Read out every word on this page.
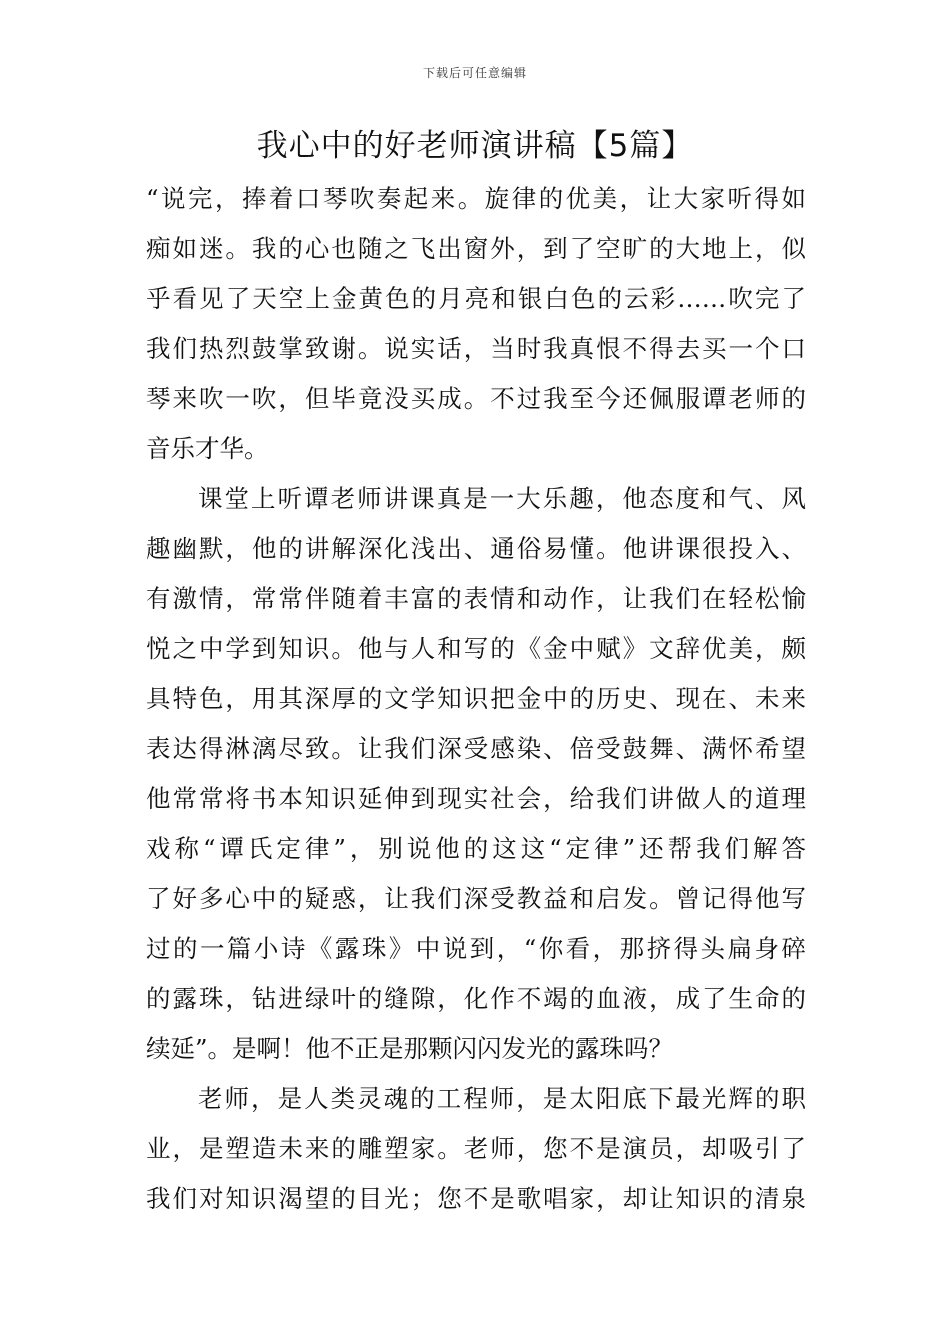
下载后可任意编辑
我心中的好老师演讲稿【5篇】
“说完，捧着口琴吹奏起来。旋律的优美，让大家听得如
痴如迷。我的心也随之飞出窗外，到了空旷的大地上，似
乎看见了天空上金黄色的月亮和银白色的云彩……吹完了
我们热烈鼓掌致谢。说实话，当时我真恨不得去买一个口
琴来吹一吹，但毕竟没买成。不过我至今还佩服谭老师的
音乐才华。
课堂上听谭老师讲课真是一大乐趣，他态度和气、风
趣幽默，他的讲解深化浅出、通俗易懂。他讲课很投入、
有激情，常常伴随着丰富的表情和动作，让我们在轻松愉
悦之中学到知识。他与人和写的《金中赋》文辞优美，颇
具特色，用其深厚的文学知识把金中的历史、现在、未来
表达得淋漓尽致。让我们深受感染、倍受鼓舞、满怀希望
他常常将书本知识延伸到现实社会，给我们讲做人的道理
戏称“谭氏定律”，别说他的这这“定律”还帮我们解答
了好多心中的疑惑，让我们深受教益和启发。曾记得他写
过的一篇小诗《露珠》中说到，“你看，那挤得头扁身碎
的露珠，钻进绿叶的缝隙，化作不竭的血液，成了生命的
续延”。是啊！他不正是那颗闪闪发光的露珠吗？
老师，是人类灵魂的工程师，是太阳底下最光辉的职
业，是塑造未来的雕塑家。老师，您不是演员，却吸引了
我们对知识渴望的目光；您不是歌唱家，却让知识的清泉
